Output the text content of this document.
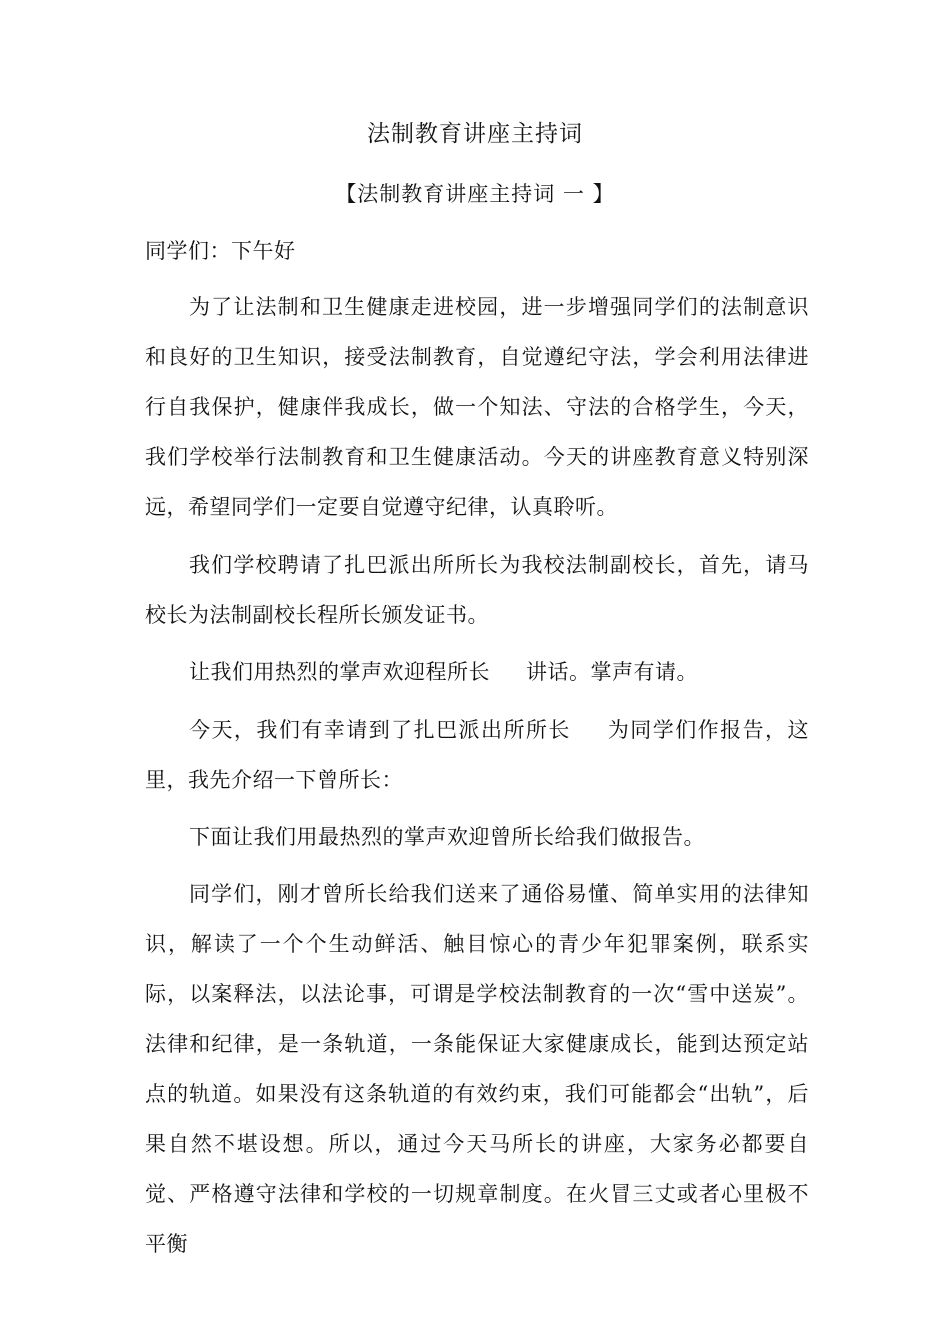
法制教育讲座主持词

【法制教育讲座主持词 一 】

同学们：下午好

为了让法制和卫生健康走进校园，进一步增强同学们的法制意识和良好的卫生知识，接受法制教育，自觉遵纪守法，学会利用法律进行自我保护，健康伴我成长，做一个知法、守法的合格学生，今天，我们学校举行法制教育和卫生健康活动。今天的讲座教育意义特别深远，希望同学们一定要自觉遵守纪律，认真聆听。

我们学校聘请了扎巴派出所所长为我校法制副校长，首先，请马校长为法制副校长程所长颁发证书。

让我们用热烈的掌声欢迎程所长 讲话。掌声有请。

今天，我们有幸请到了扎巴派出所所长 为同学们作报告，这里，我先介绍一下曾所长：

下面让我们用最热烈的掌声欢迎曾所长给我们做报告。

同学们，刚才曾所长给我们送来了通俗易懂、简单实用的法律知识，解读了一个个生动鲜活、触目惊心的青少年犯罪案例，联系实际，以案释法，以法论事，可谓是学校法制教育的一次“雪中送炭”。法律和纪律，是一条轨道，一条能保证大家健康成长，能到达预定站点的轨道。如果没有这条轨道的有效约束，我们可能都会“出轨”，后果自然不堪设想。所以，通过今天马所长的讲座，大家务必都要自觉、严格遵守法律和学校的一切规章制度。在火冒三丈或者心里极不平衡
